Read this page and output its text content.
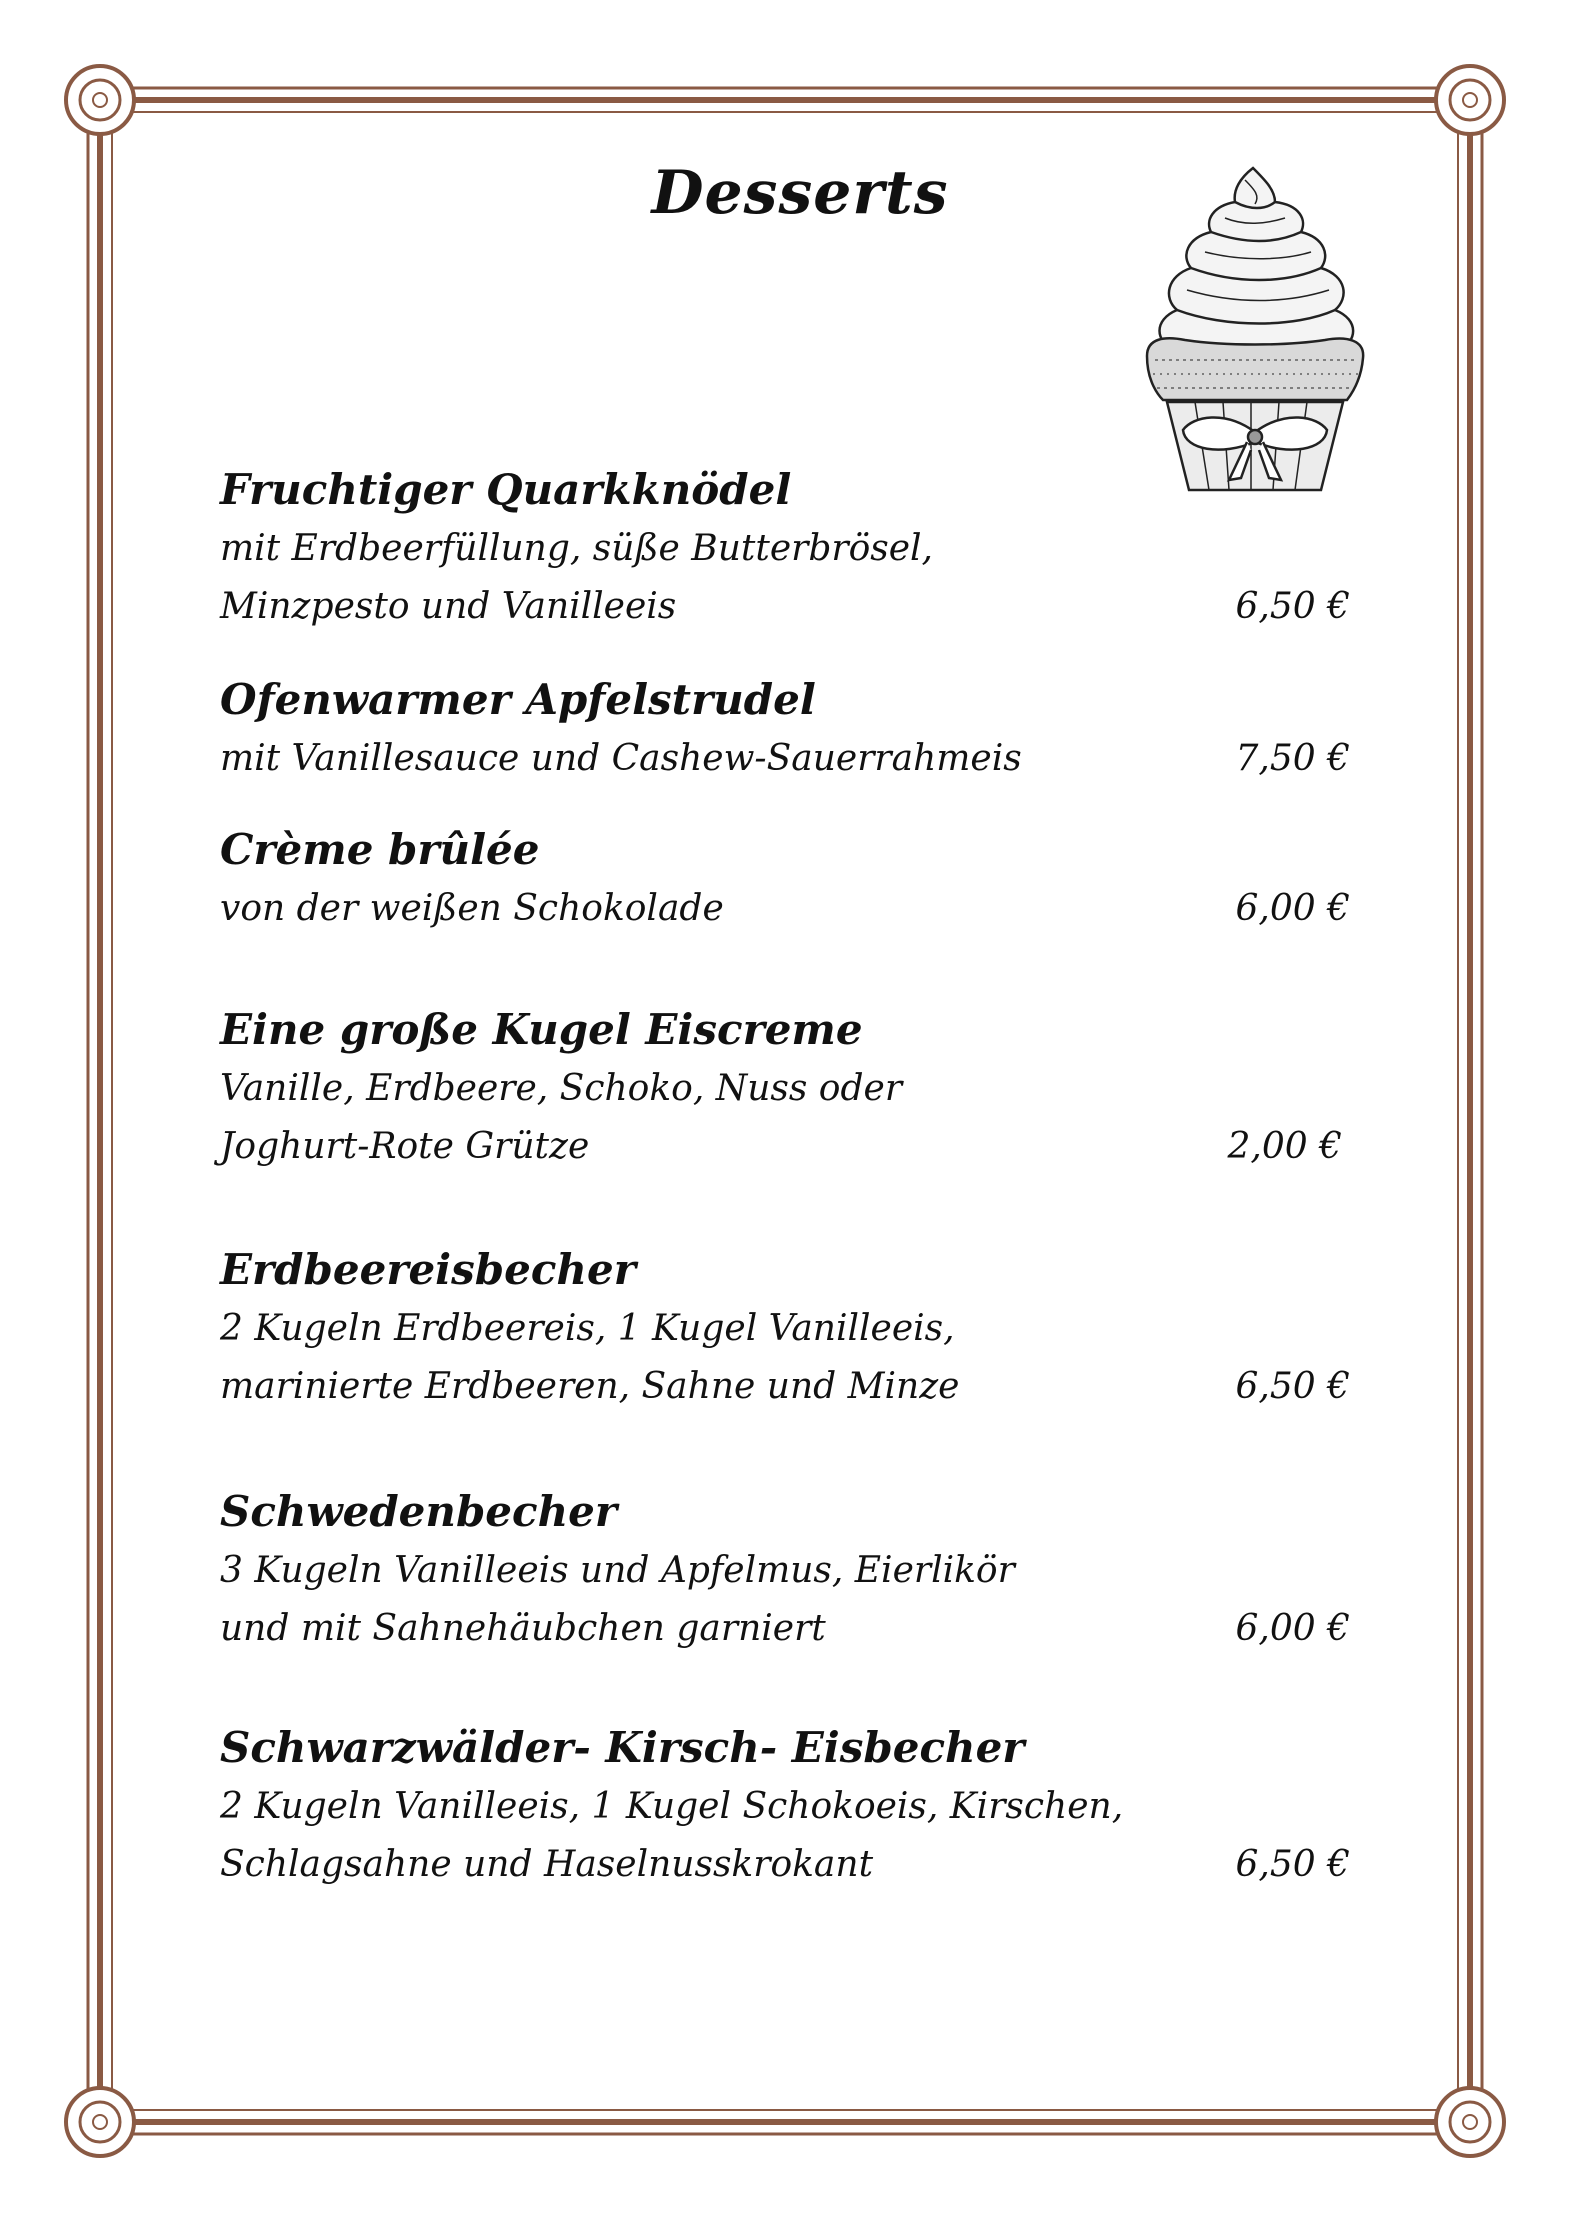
Desserts
Fruchtiger Quarkknödel
mit Erdbeerfüllung, süße Butterbrösel,
Minzpesto und Vanilleeis	6,50 €
Ofenwarmer Apfelstrudel
mit Vanillesauce und Cashew-Sauerrahmeis	7,50 €
Crème brûlée
von der weißen Schokolade	6,00 €
Eine große Kugel Eiscreme
Vanille, Erdbeere, Schoko, Nuss oder
Joghurt-Rote Grütze	2,00 €
Erdbeereisbecher
2 Kugeln Erdbeereis, 1 Kugel Vanilleeis,
marinierte Erdbeeren, Sahne und Minze	6,50 €
Schwedenbecher
3 Kugeln Vanilleeis und Apfelmus, Eierlikör
und mit Sahnehäubchen garniert	6,00 €
Schwarzwälder- Kirsch- Eisbecher
2 Kugeln Vanilleeis, 1 Kugel Schokoeis, Kirschen,
Schlagsahne und Haselnusskrokant	6,50 €
